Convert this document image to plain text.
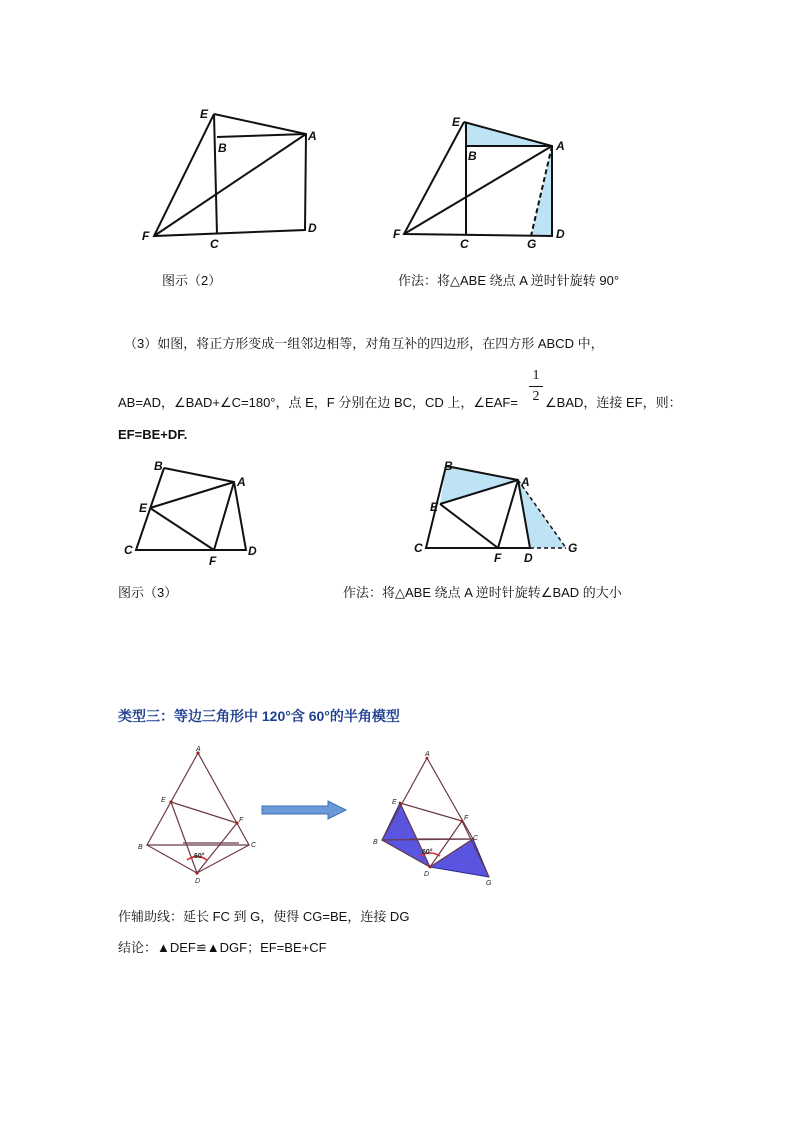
E
A
B
F
C
D
E
A
B
F
C	G
D
图示（2）	作法：将△ABE 绕点 A 逆时针旋转 90°
（3）如图，将正方形变成一组邻边相等，对角互补的四边形，在四方形 ABCD 中，
AB=AD，∠BAD+∠C=180°，点 E，F 分别在边 BC，CD 上，∠EAF=
1
2 ∠BAD，连接 EF，则：
EF=BE+DF.
B
A
E
C
F
D
B
A
E
C
F D
G
图示（3）	作法：将△ABE 绕点 A 逆时针旋转∠BAD 的大小
类型三：等边三角形中 120°含 60°的半角模型
A
E
F
B	C
D
60°
A
E
F
B
C
D
G
60°
作辅助线：延长 FC 到 G，使得 CG=BE，连接 DG
结论：▲DEF≌▲DGF；EF=BE+CF
